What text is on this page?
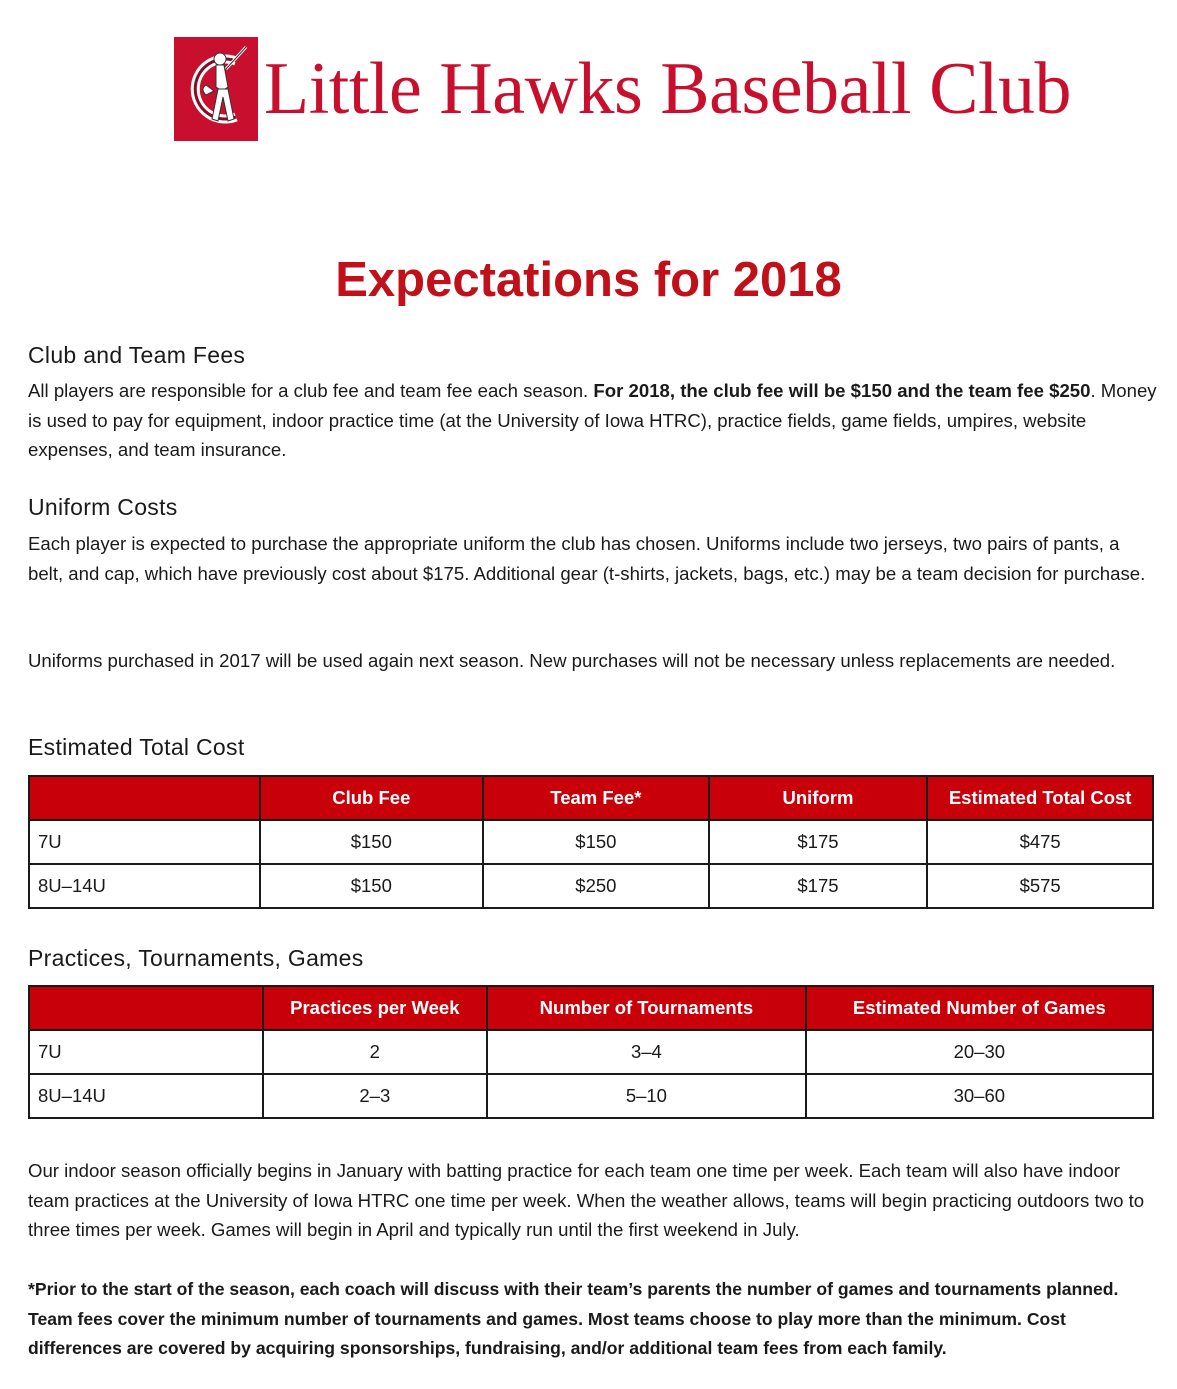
Little Hawks Baseball Club
Expectations for 2018
Club and Team Fees

All players are responsible for a club fee and team fee each season. For 2018, the club fee will be $150 and the team fee $250. Money is used to pay for equipment, indoor practice time (at the University of Iowa HTRC), practice fields, game fields, umpires, website expenses, and team insurance.

Uniform Costs

Each player is expected to purchase the appropriate uniform the club has chosen. Uniforms include two jerseys, two pairs of pants, a belt, and cap, which have previously cost about $175. Additional gear (t-shirts, jackets, bags, etc.) may be a team decision for purchase.

Uniforms purchased in 2017 will be used again next season. New purchases will not be necessary unless replacements are needed.

Estimated Total Cost
	Club Fee	Team Fee*	Uniform	Estimated Total Cost
7U	$150	$150	$175	$475
8U–14U	$150	$250	$175	$575
Practices, Tournaments, Games
	Practices per Week	Number of Tournaments	Estimated Number of Games
7U	2	3–4	20–30
8U–14U	2–3	5–10	30–60

Our indoor season officially begins in January with batting practice for each team one time per week. Each team will also have indoor team practices at the University of Iowa HTRC one time per week. When the weather allows, teams will begin practicing outdoors two to three times per week. Games will begin in April and typically run until the first weekend in July.

*Prior to the start of the season, each coach will discuss with their team’s parents the number of games and tournaments planned. Team fees cover the minimum number of tournaments and games. Most teams choose to play more than the minimum. Cost differences are covered by acquiring sponsorships, fundraising, and/or additional team fees from each family.
